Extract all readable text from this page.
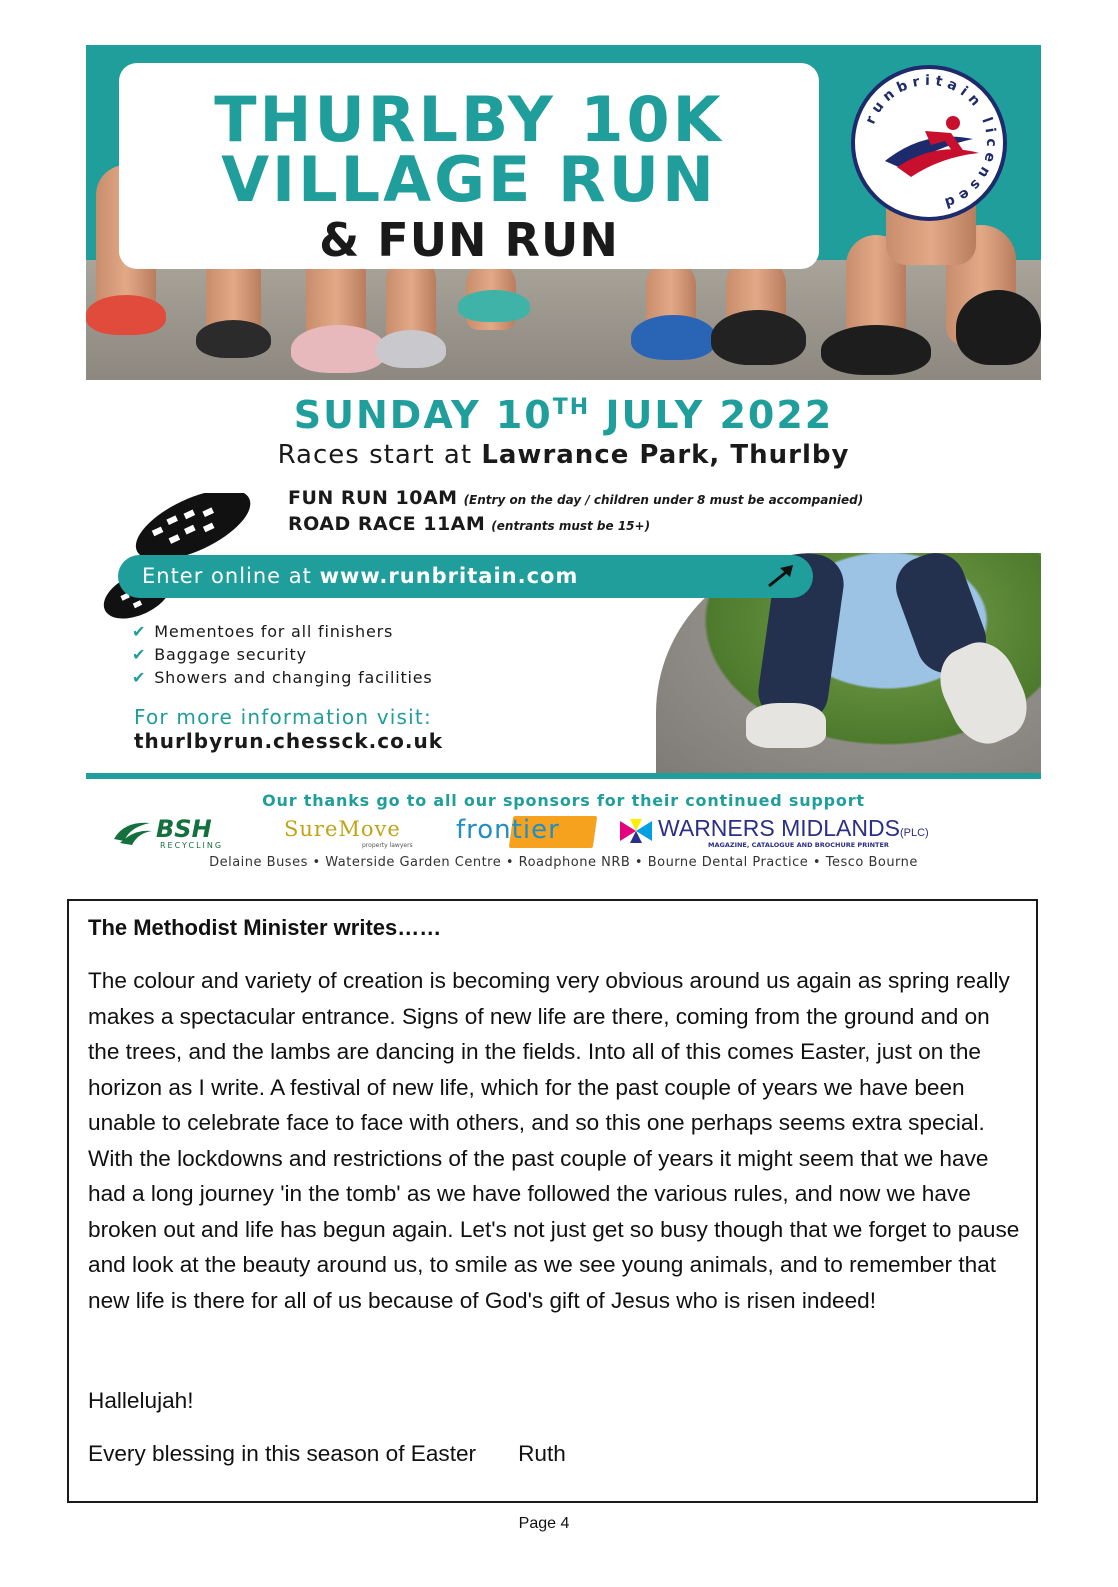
THURLBY 10K
VILLAGE RUN
& FUN RUN
runbritain licensed
SUNDAY 10TH JULY 2022
Races start at Lawrance Park, Thurlby
FUN RUN 10AM (Entry on the day / children under 8 must be accompanied)
ROAD RACE 11AM (entrants must be 15+)
Enter online at www.runbritain.com
✔ Mementoes for all finishers
✔ Baggage security
✔ Showers and changing facilities
For more information visit:
thurlbyrun.chessck.co.uk
Our thanks go to all our sponsors for their continued support
BSH
RECYCLING
SureMove
property lawyers
frontier	WARNERS MIDLANDS(PLC)
MAGAZINE, CATALOGUE AND BROCHURE PRINTER
Delaine Buses • Waterside Garden Centre • Roadphone NRB • Bourne Dental Practice • Tesco Bourne
The Methodist Minister writes……
The colour and variety of creation is becoming very obvious around us again as spring really makes a spectacular entrance. Signs of new life are there, coming from the ground and on the trees, and the lambs are dancing in the fields. Into all of this comes Easter, just on the horizon as I write. A festival of new life, which for the past couple of years we have been unable to celebrate face to face with others, and so this one perhaps seems extra special. With the lockdowns and restrictions of the past couple of years it might seem that we have had a long journey 'in the tomb' as we have followed the various rules, and now we have broken out and life has begun again. Let's not just get so busy though that we forget to pause and look at the beauty around us, to smile as we see young animals, and to remember that new life is there for all of us because of God's gift of Jesus who is risen indeed!
Hallelujah!
Every blessing in this season of Easter Ruth
Page 4
